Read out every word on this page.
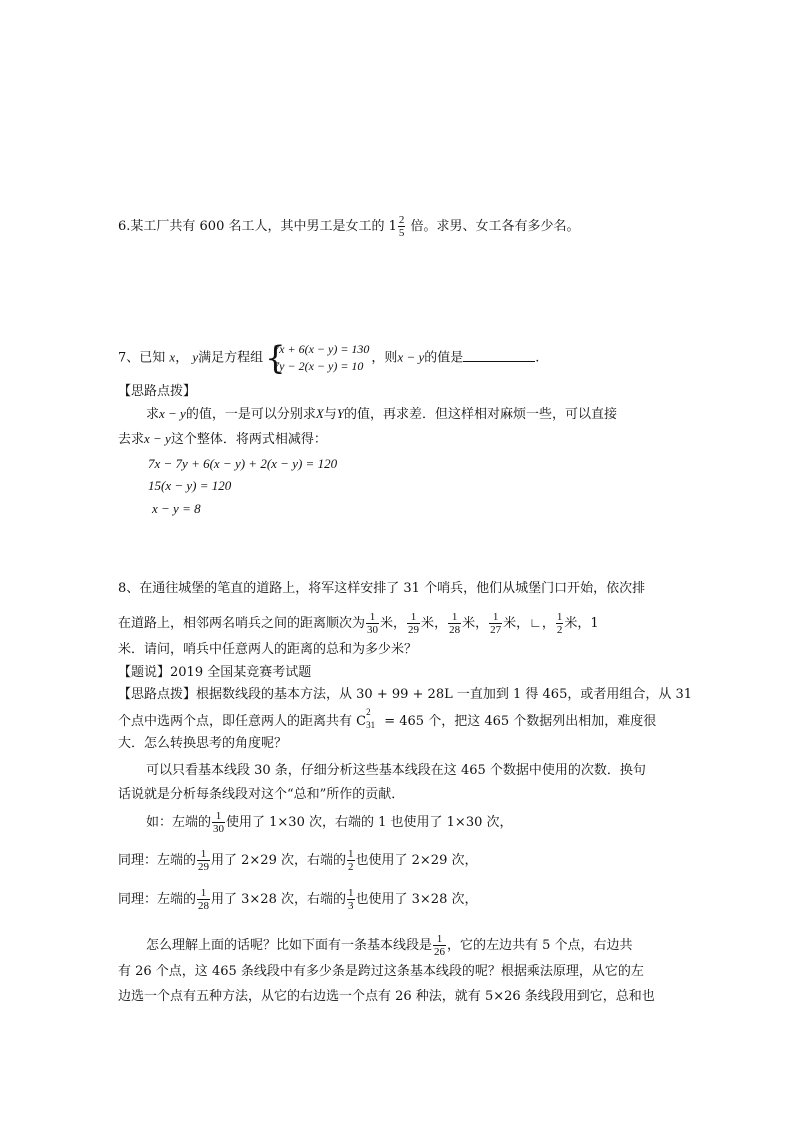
6.某工厂共有 600 名工人，其中男工是女工的 $1 \frac{2}{5}$ 倍。求男、女工各有多少名。
7、已知 x， y满足方程组 {
7x + 6(x − y) = 130
7y − 2(x − y) = 10
，则x − y的值是	.
【思路点拨】
求x − y的值，一是可以分别求X与Y的值，再求差．但这样相对麻烦一些，可以直接
去求x − y这个整体．将两式相减得：
7x − 7y + 6(x − y) + 2(x − y) = 120
15(x − y) = 120
x − y = 8
8、在通往城堡的笔直的道路上，将军这样安排了 31 个哨兵，他们从城堡门口开始，依次排
在道路上，相邻两名哨兵之间的距离顺次为 $\frac{1}{30}$ 米， $\frac{1}{29}$ 米， $\frac{1}{28}$ 米， $\frac{1}{27}$ 米，∟， $\frac{1}{2}$ 米，1
米．请问，哨兵中任意两人的距离的总和为多少米？
【题说】2019 全国某竞赛考试题
【思路点拨】根据数线段的基本方法，从 30 + 99 + 28L 一直加到 1 得 465，或者用组合，从 31
个点中选两个点，即任意两人的距离共有 C
2
31 = 465 个，把这 465 个数据列出相加，难度很
大．怎么转换思考的角度呢？
可以只看基本线段 30 条，仔细分析这些基本线段在这 465 个数据中使用的次数．换句
话说就是分析每条线段对这个“总和”所作的贡献．
如：左端的 $\frac{1}{30}$ 使用了 1×30 次，右端的 1 也使用了 1×30 次，
同理：左端的 $\frac{1}{29}$ 用了 2×29 次，右端的 $\frac{1}{2}$ 也使用了 2×29 次，
同理：左端的 $\frac{1}{28}$ 用了 3×28 次，右端的 $\frac{1}{3}$ 也使用了 3×28 次，
怎么理解上面的话呢？比如下面有一条基本线段是 $\frac{1}{26}$ ，它的左边共有 5 个点，右边共
有 26 个点，这 465 条线段中有多少条是跨过这条基本线段的呢？根据乘法原理，从它的左
边选一个点有五种方法，从它的右边选一个点有 26 种法，就有 5×26 条线段用到它，总和也
